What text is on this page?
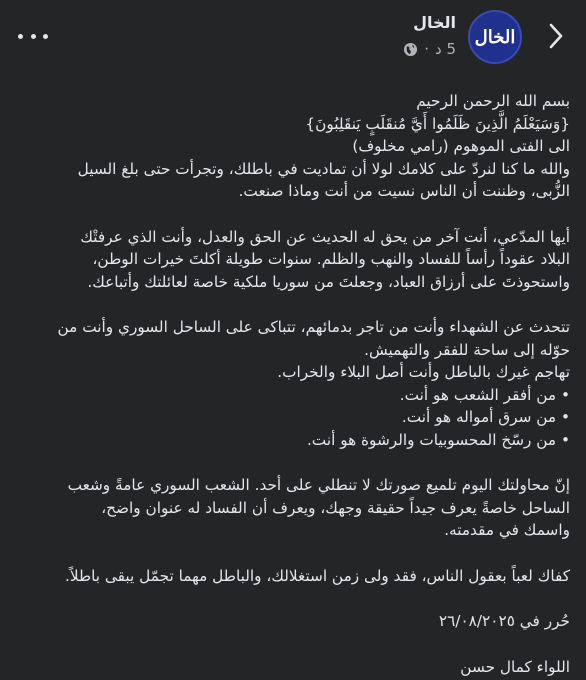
الخال
الخال
5 د
·
بسم الله الرحمن الرحيم
{وَسَيَعْلَمُ الَّذِينَ ظَلَمُوا أَيَّ مُنقَلَبٍ يَنقَلِبُونَ}
الى الفتى الموهوم (رامي مخلوف)
والله ما كنا لنردّ على كلامك لولا أن تماديت في باطلك، وتجرأت حتى بلغ السيل
الزُّبى، وظننت أن الناس نسيت من أنت وماذا صنعت.
أيها المدّعي، أنت آخر من يحق له الحديث عن الحق والعدل، وأنت الذي عرفتْك
البلاد عقوداً رأساً للفساد والنهب والظلم. سنوات طويلة أكلتَ خيرات الوطن،
واستحوذتَ على أرزاق العباد، وجعلتَ من سوريا ملكية خاصة لعائلتك وأتباعك.
تتحدث عن الشهداء وأنت من تاجر بدمائهم، تتباكى على الساحل السوري وأنت من
حوّله إلى ساحة للفقر والتهميش.
تهاجم غيرك بالباطل وأنت أصل البلاء والخراب.
• من أفقر الشعب هو أنت.
• من سرق أمواله هو أنت.
• من رسّخ المحسوبيات والرشوة هو أنت.
إنّ محاولتك اليوم تلميع صورتك لا تنطلي على أحد. الشعب السوري عامةً وشعب
الساحل خاصةً يعرف جيداً حقيقة وجهك، ويعرف أن الفساد له عنوان واضح،
واسمك في مقدمته.
كفاك لعباً بعقول الناس، فقد ولى زمن استغلالك، والباطل مهما تجمّل يبقى باطلاً.
حُرر في ٢٦/٠٨/٢٠٢٥
اللواء كمال حسن
